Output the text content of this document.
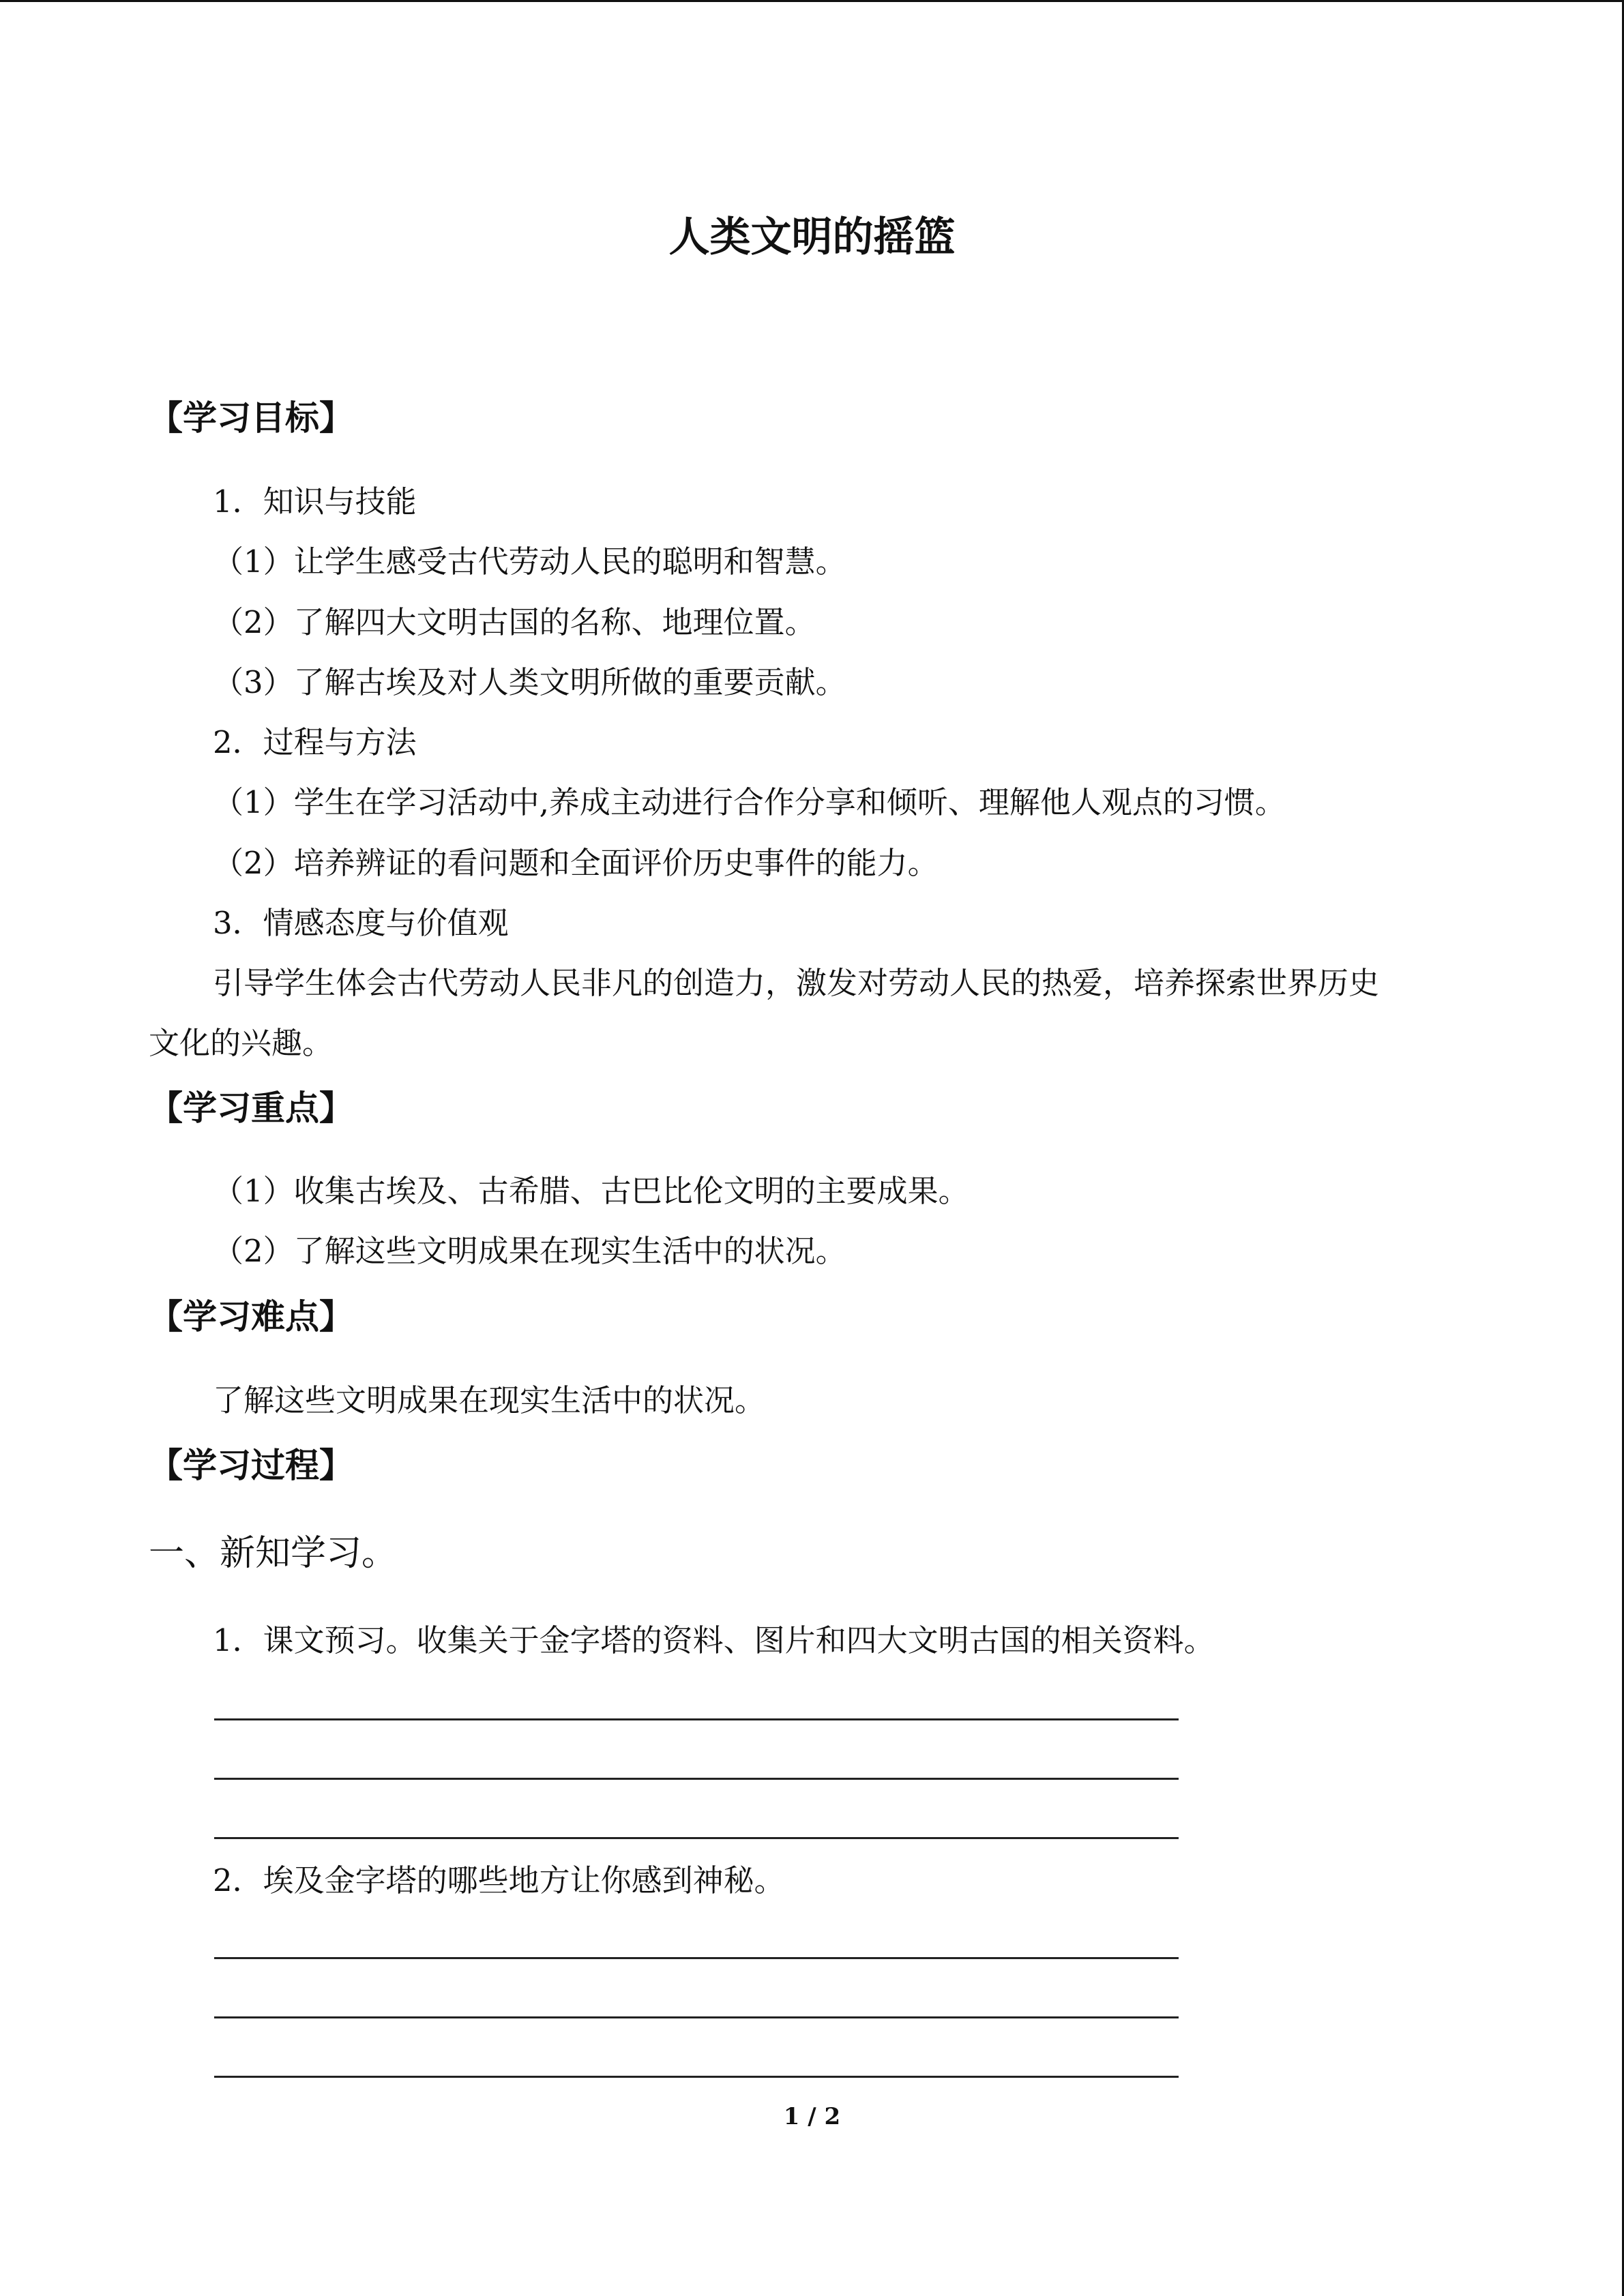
人类文明的摇篮
【学习目标】
1．知识与技能
（1）让学生感受古代劳动人民的聪明和智慧。
（2）了解四大文明古国的名称、地理位置。
（3）了解古埃及对人类文明所做的重要贡献。
2．过程与方法
（1）学生在学习活动中,养成主动进行合作分享和倾听、理解他人观点的习惯。
（2）培养辨证的看问题和全面评价历史事件的能力。
3．情感态度与价值观
引导学生体会古代劳动人民非凡的创造力，激发对劳动人民的热爱，培养探索世界历史
文化的兴趣。
【学习重点】
（1）收集古埃及、古希腊、古巴比伦文明的主要成果。
（2）了解这些文明成果在现实生活中的状况。
【学习难点】
了解这些文明成果在现实生活中的状况。
【学习过程】
一、新知学习。
1．课文预习。收集关于金字塔的资料、图片和四大文明古国的相关资料。
2．埃及金字塔的哪些地方让你感到神秘。
1 / 2
